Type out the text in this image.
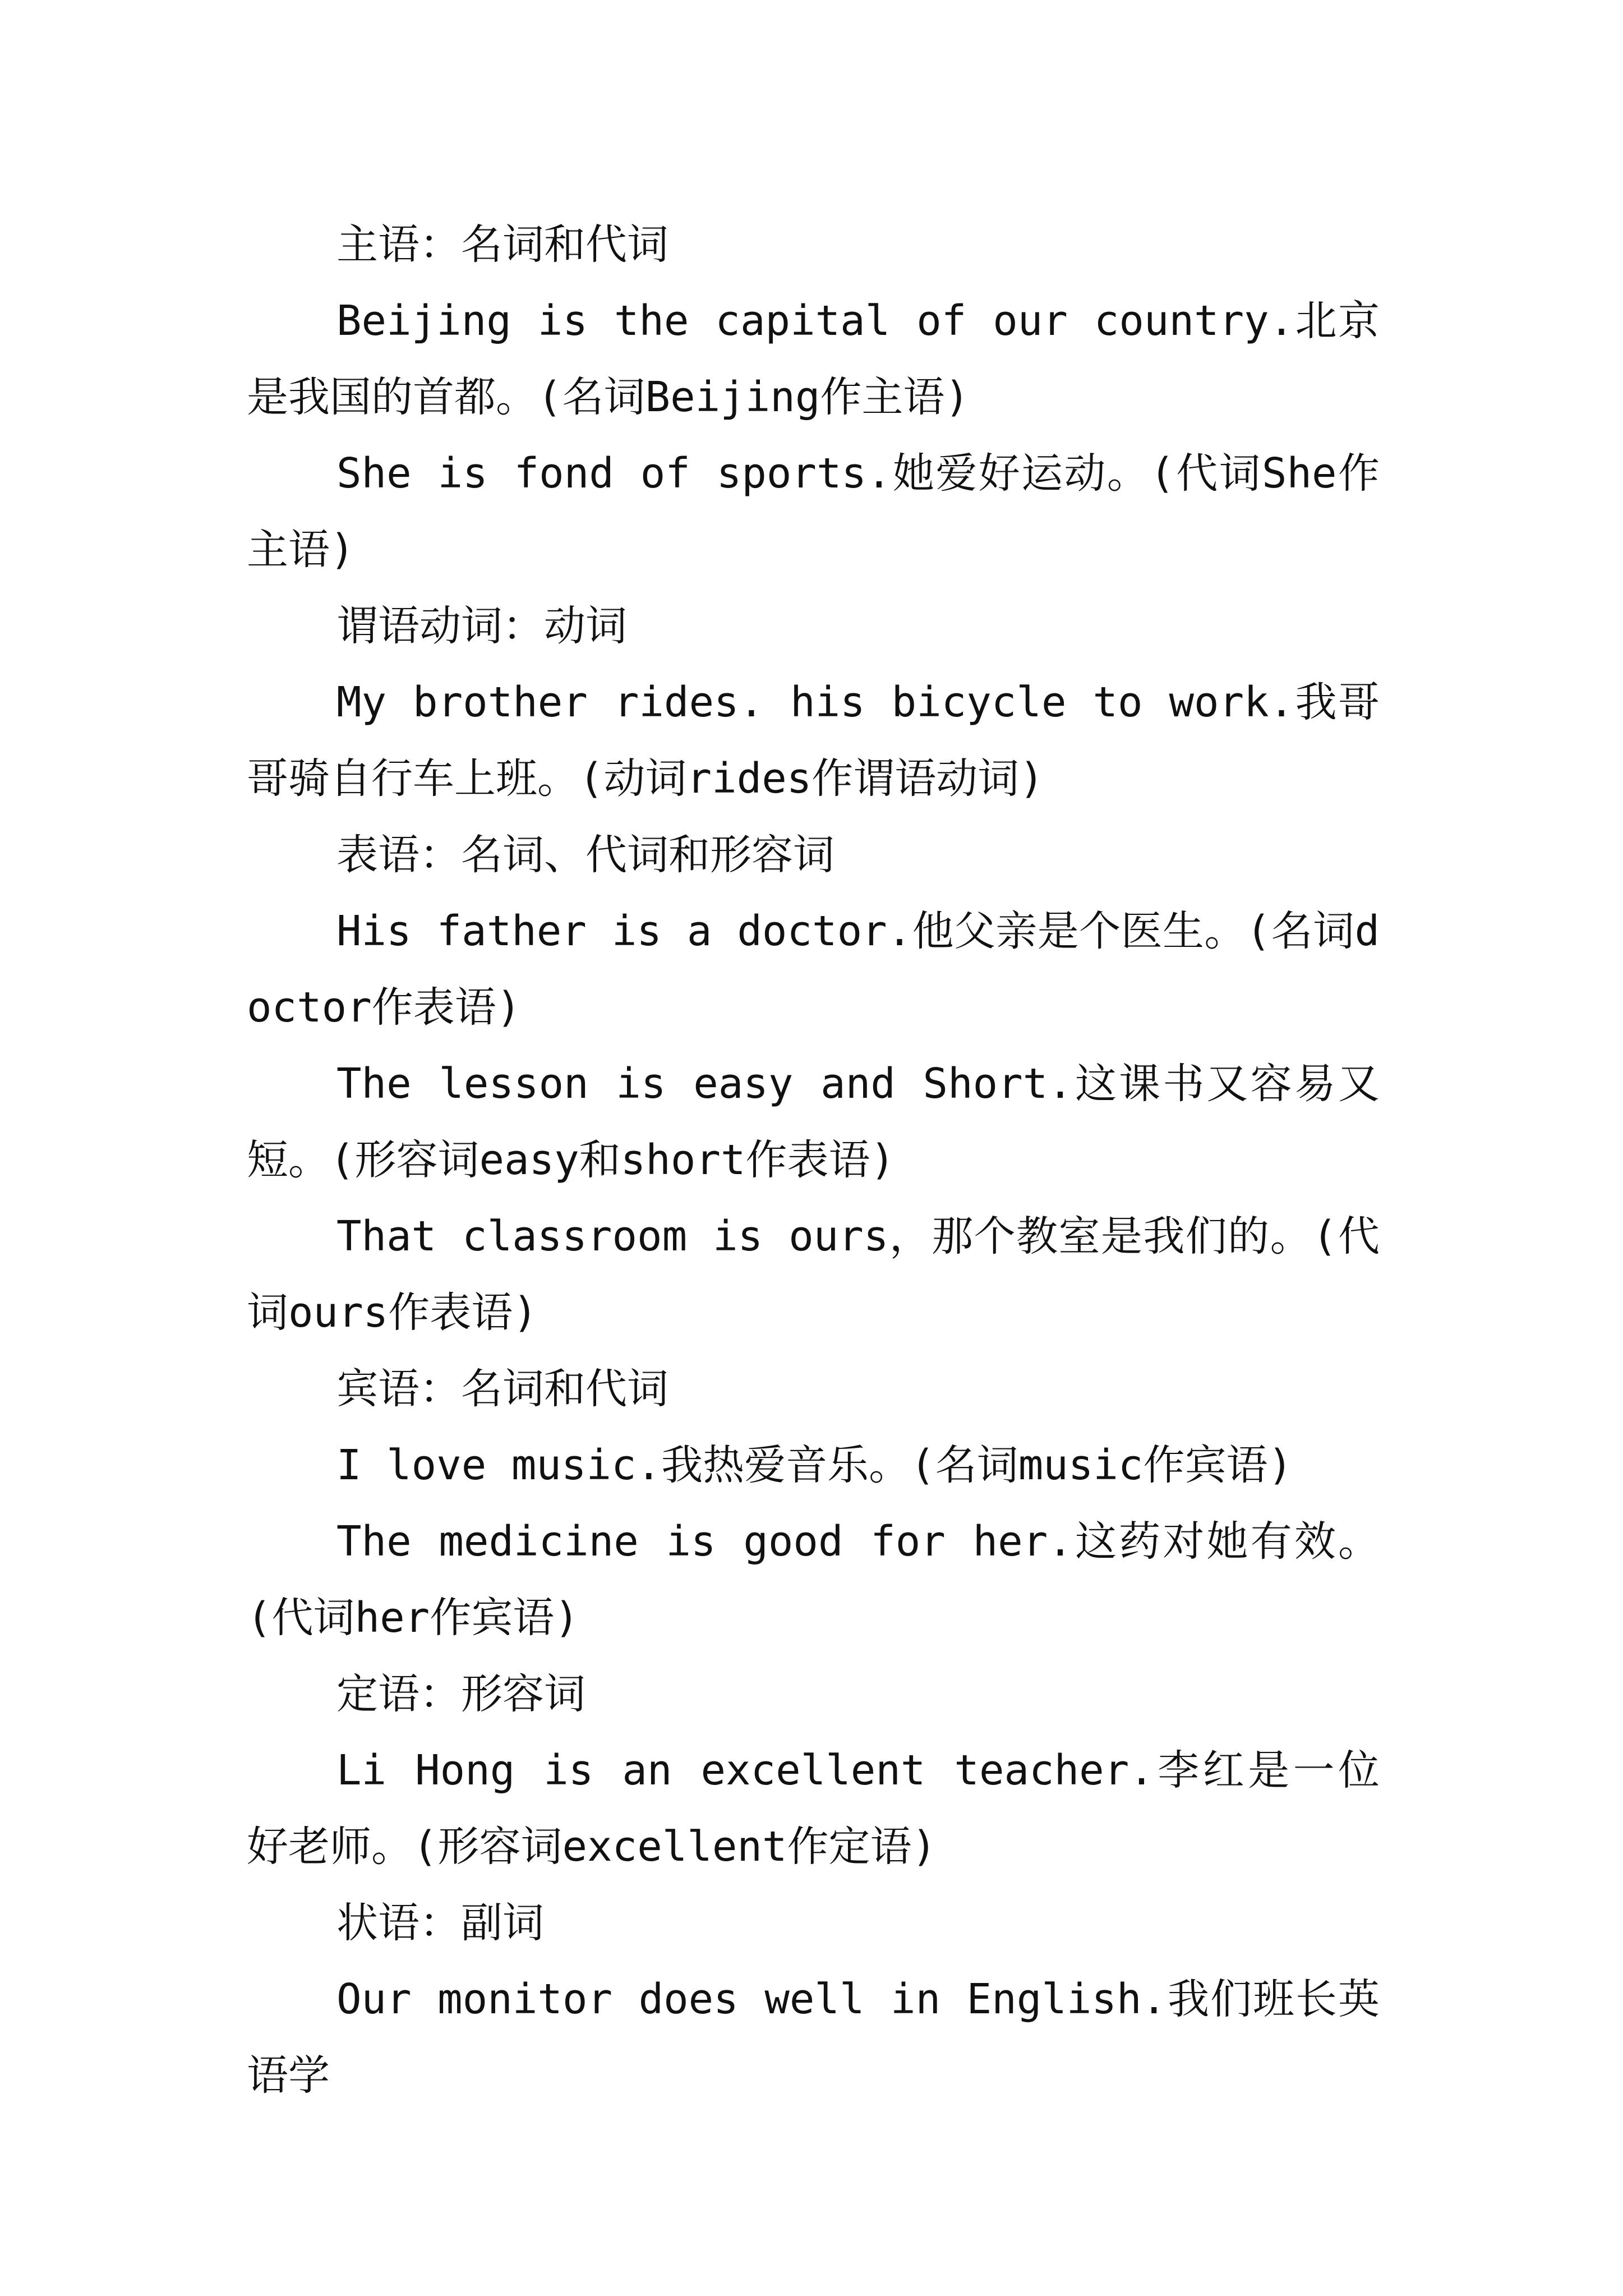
主语：名词和代词

Beijing is the capital of our country.北京是我国的首都。(名词Beijing作主语)

She is fond of sports.她爱好运动。(代词She作主语)

谓语动词：动词

My brother rides. his bicycle to work.我哥哥骑自行车上班。(动词rides作谓语动词)

表语：名词、代词和形容词

His father is a doctor.他父亲是个医生。(名词doctor作表语)

The lesson is easy and Short.这课书又容易又短。(形容词easy和short作表语)

That classroom is ours，那个教室是我们的。(代词ours作表语)

宾语：名词和代词

I love music.我热爱音乐。(名词music作宾语)

The medicine is good for her.这药对她有效。(代词her作宾语)

定语：形容词

Li Hong is an excellent teacher.李红是一位好老师。(形容词excellent作定语)

状语：副词

Our monitor does well in English.我们班长英语学
